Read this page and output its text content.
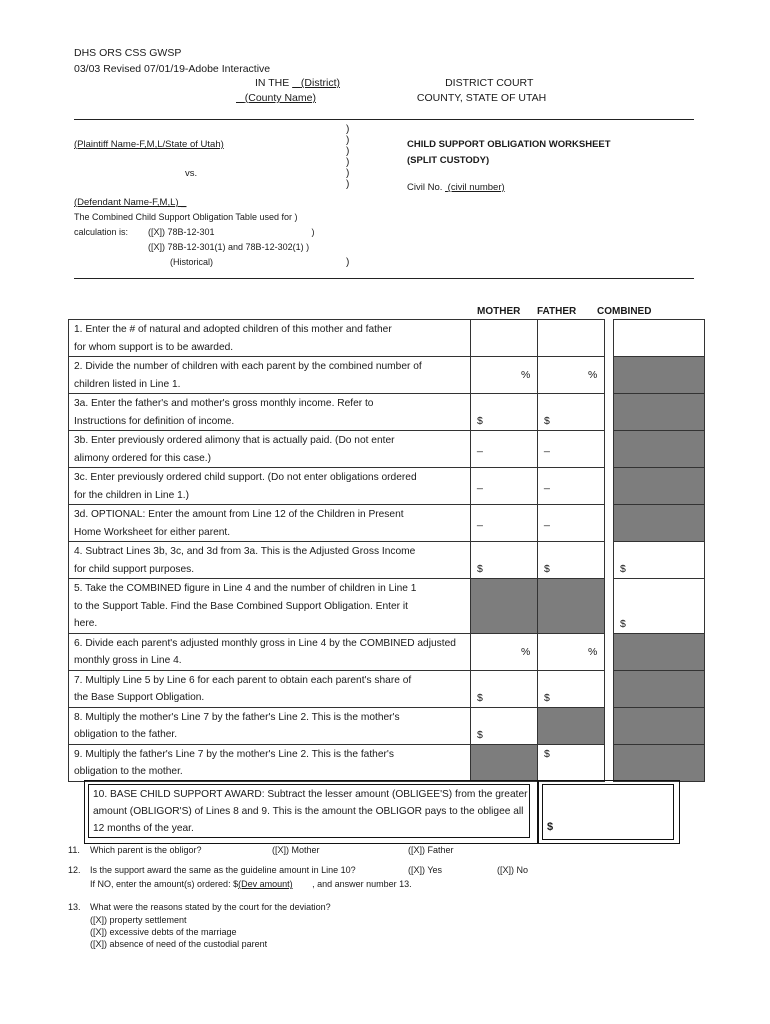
DHS ORS CSS GWSP
03/03 Revised 07/01/19-Adobe Interactive
IN THE    (District)	DISTRICT COURT
(County Name)	COUNTY, STATE OF UTAH
(Plaintiff Name-F,M,L/State of Utah)
vs.
(Defendant Name-F,M,L) _
The Combined Child Support Obligation Table used for )
calculation is: ([X]) 78B-12-301	)
([X]) 78B-12-301(1) and 78B-12-302(1) )
(Historical)
)
)
)
)
)
)
)
CHILD SUPPORT OBLIGATION WORKSHEET
(SPLIT CUSTODY)
Civil No.  (civil number)
MOTHER FATHER COMBINED
1. Enter the # of natural and adopted children of this mother and father
for whom support is to be awarded.				
2. Divide the number of children with each parent by the combined number of
children listed in Line 1.	%	%		

3a. Enter the father's and mother's gross monthly income. Refer to
Instructions for definition of income.	$	$		

3b. Enter previously ordered alimony that is actually paid. (Do not enter
alimony ordered for this case.)	_	_		

3c. Enter previously ordered child support. (Do not enter obligations ordered
for the children in Line 1.)	_	_		

3d. OPTIONAL: Enter the amount from Line 12 of the Children in Present
Home Worksheet for either parent.	_	_		

4. Subtract Lines 3b, 3c, and 3d from 3a. This is the Adjusted Gross Income
for child support purposes.	$	$		$

5. Take the COMBINED figure in Line 4 and the number of children in Line 1
to the Support Table. Find the Base Combined Support Obligation. Enter it
here.				$

6. Divide each parent's adjusted monthly gross in Line 4 by the COMBINED adjusted
monthly gross in Line 4.	%	%		

7. Multiply Line 5 by Line 6 for each parent to obtain each parent's share of
the Base Support Obligation.	$	$		

8. Multiply the mother's Line 7 by the father's Line 2. This is the mother's
obligation to the father.	$			

9. Multiply the father's Line 7 by the mother's Line 2. This is the father's
obligation to the mother.		$		

10. BASE CHILD SUPPORT AWARD: Subtract the lesser amount (OBLIGEE'S) from the greater
amount (OBLIGOR'S) of Lines 8 and 9. This is the amount the OBLIGOR pays to the obligee all
12 months of the year.	$
11. Which parent is the obligor?	([X]) Mother	([X]) Father
12. Is the support award the same as the guideline amount in Line 10?	([X]) Yes	([X]) No
If NO, enter the amount(s) ordered: $(Dev amount) , and answer number 13.
13. What were the reasons stated by the court for the deviation?
([X]) property settlement
([X]) excessive debts of the marriage
([X]) absence of need of the custodial parent
